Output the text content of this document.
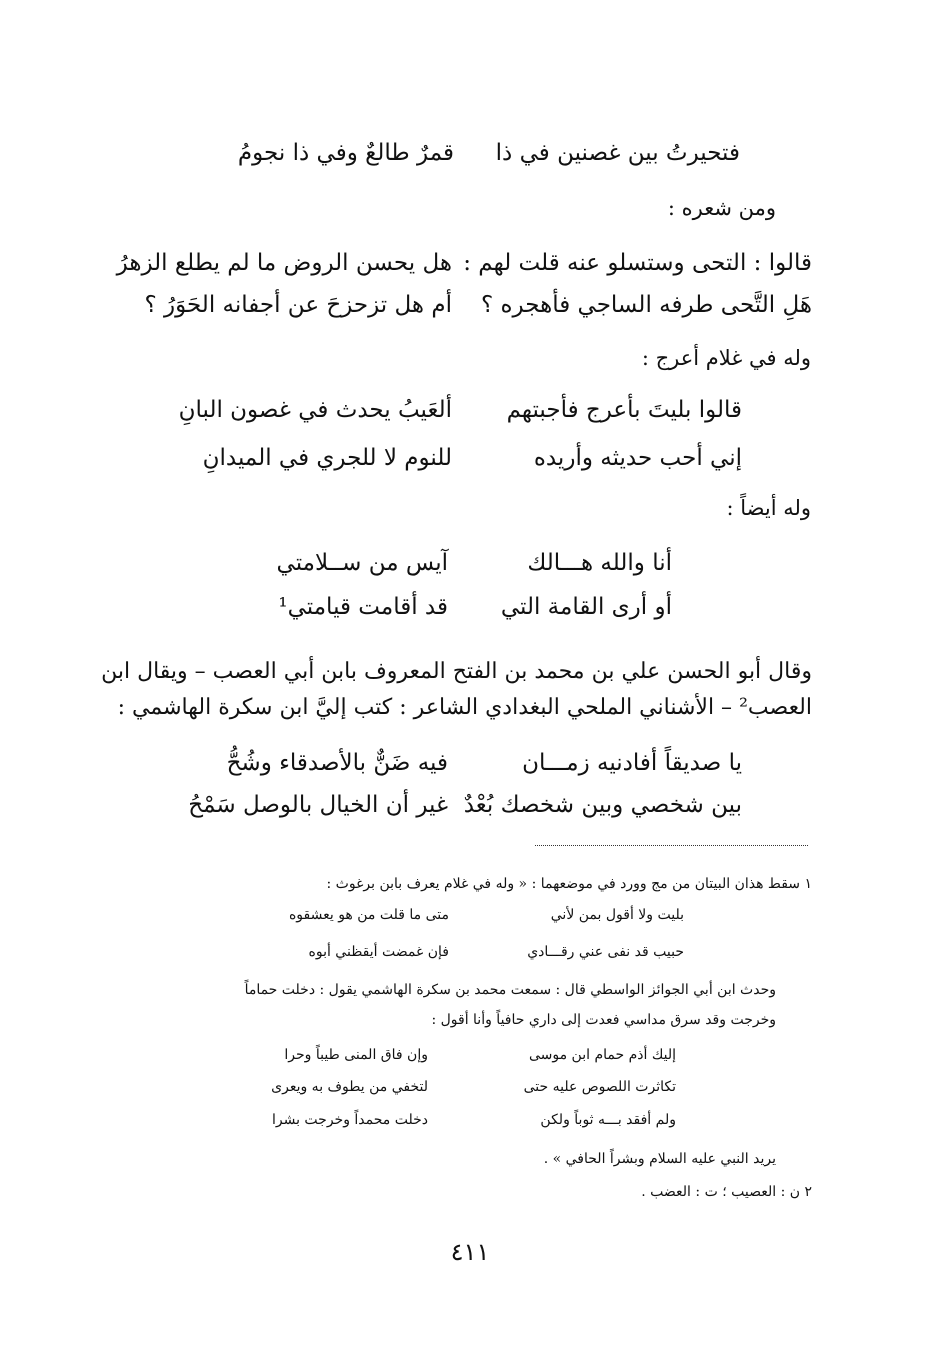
فتحيرتُ بين غصنين في ذا
قمرٌ طالعٌ وفي ذا نجومُ
ومن شعره :
قالوا : التحى وستسلو عنه قلت لهم :
هل يحسن الروض ما لم يطلع الزهرُ
هَلِ التَّحى طرفه الساجي فأهجره ؟
أم هل تزحزحَ عن أجفانه الحَوَرُ ؟
وله في غلام أعرج :
قالوا بليتَ بأعرج فأجبتهم
ألعَيبُ يحدث في غصون البانِ
إني أحب حديثه وأريده
للنوم لا للجري في الميدانِ
وله أيضاً :
أنا والله هـــالك
آيس من ســلامتي
أو أرى القامة التي
قد أقامت قيامتي¹
وقال أبو الحسن علي بن محمد بن الفتح المعروف بابن أبي العصب – ويقال ابن
العصب² – الأشناني الملحي البغدادي الشاعر : كتب إليَّ ابن سكرة الهاشمي :
يا صديقاً أفادنيه زمـــان
فيه ضَنٌّ بالأصدقاء وشُحُّ
بين شخصي وبين شخصك بُعْدٌ
غير أن الخيال بالوصل سَمْحُ
١ سقط هذان البيتان من مج وورد في موضعهما : « وله في غلام يعرف بابن برغوث :
بليت ولا أقول بمن لأني
متى ما قلت من هو يعشقوه
حبيب قد نفى عني رقـــادي
فإن غمضت أيقظني أبوه
وحدث ابن أبي الجوائز الواسطي قال : سمعت محمد بن سكرة الهاشمي يقول : دخلت حماماً
وخرجت وقد سرق مداسي فعدت إلى داري حافياً وأنا أقول :
إليك أذم حمام ابن موسى
وإن فاق المنى طيباً وحرا
تكاثرت اللصوص عليه حتى
لتخفي من يطوف به ويعرى
ولم أفقد بـــه ثوباً ولكن
دخلت محمداً وخرجت بشرا
يريد النبي عليه السلام وبشراً الحافي » .
٢ ن : العصيب ؛ ت : العضب .
٤١١
